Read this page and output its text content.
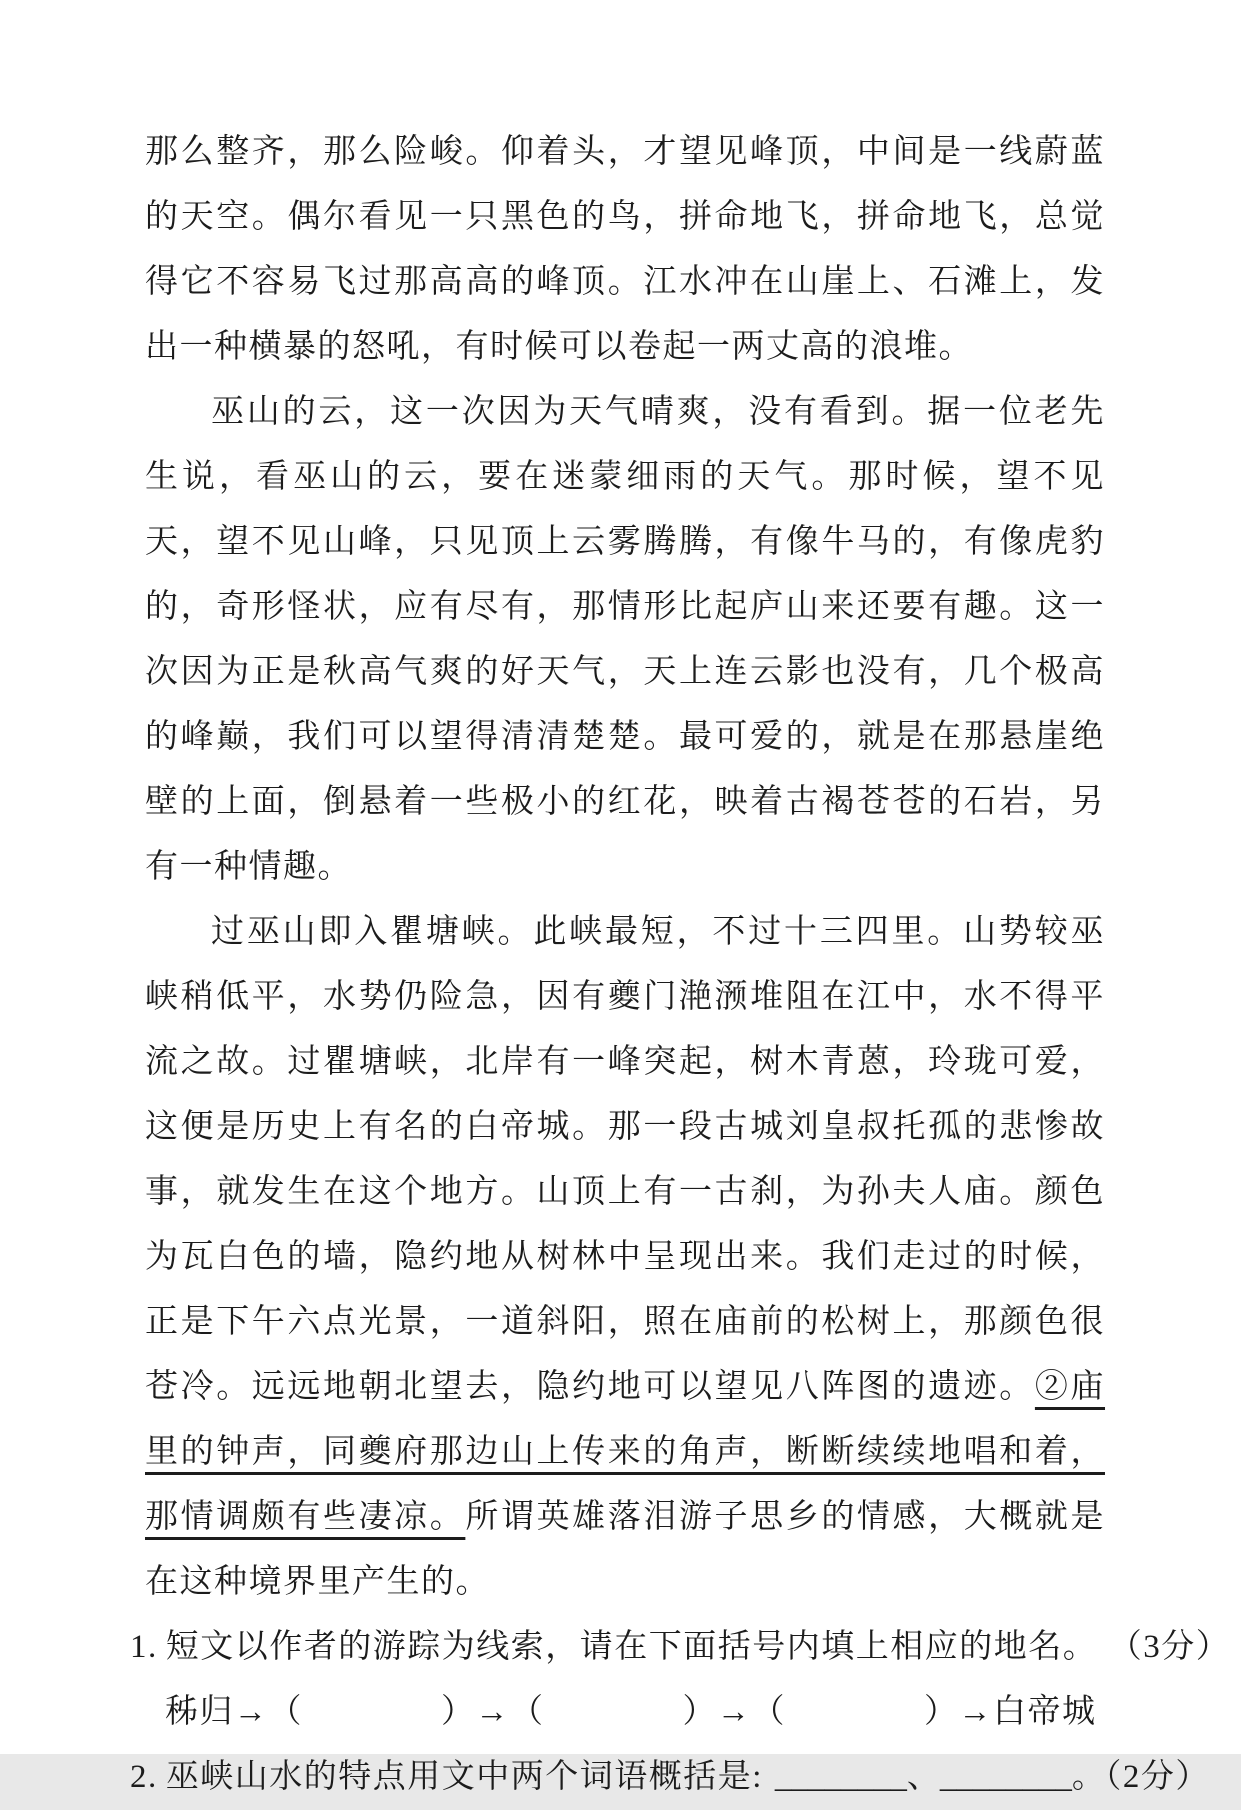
那么整齐，那么险峻。仰着头，才望见峰顶，中间是一线蔚蓝的天空。偶尔看见一只黑色的鸟，拼命地飞，拼命地飞，总觉得它不容易飞过那高高的峰顶。江水冲在山崖上、石滩上，发出一种横暴的怒吼，有时候可以卷起一两丈高的浪堆。

巫山的云，这一次因为天气晴爽，没有看到。据一位老先生说，看巫山的云，要在迷蒙细雨的天气。那时候，望不见天，望不见山峰，只见顶上云雾腾腾，有像牛马的，有像虎豹的，奇形怪状，应有尽有，那情形比起庐山来还要有趣。这一次因为正是秋高气爽的好天气，天上连云影也没有，几个极高的峰巅，我们可以望得清清楚楚。最可爱的，就是在那悬崖绝壁的上面，倒悬着一些极小的红花，映着古褐苍苍的石岩，另有一种情趣。

过巫山即入瞿塘峡。此峡最短，不过十三四里。山势较巫峡稍低平，水势仍险急，因有夔门滟滪堆阻在江中，水不得平流之故。过瞿塘峡，北岸有一峰突起，树木青蒽，玲珑可爱，这便是历史上有名的白帝城。那一段古城刘皇叔托孤的悲惨故事，就发生在这个地方。山顶上有一古刹，为孙夫人庙。颜色为瓦白色的墙，隐约地从树林中呈现出来。我们走过的时候，正是下午六点光景，一道斜阳，照在庙前的松树上，那颜色很苍冷。远远地朝北望去，隐约地可以望见八阵图的遗迹。②庙里的钟声，同夔府那边山上传来的角声，断断续续地唱和着，那情调颇有些凄凉。所谓英雄落泪游子思乡的情感，大概就是在这种境界里产生的。

1. 短文以作者的游踪为线索，请在下面括号内填上相应的地名。 （3分）

秭归→（　　　　）→（　　　　）→（　　　　）→白帝城

2. 巫峡山水的特点用文中两个词语概括是: ________、________。（2分）
